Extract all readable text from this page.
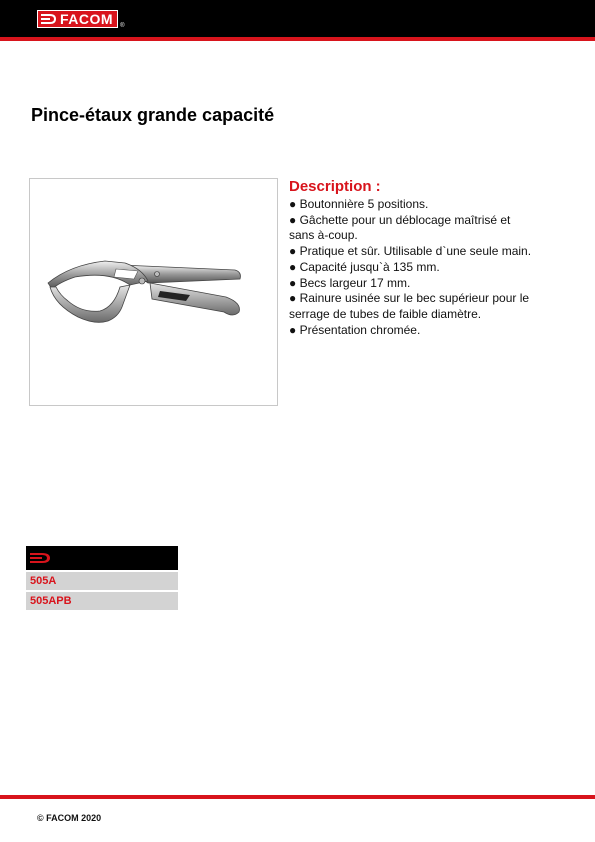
FACOM ®
Pince-étaux grande capacité
Description :
● Boutonnière 5 positions.
● Gâchette pour un déblocage maîtrisé et sans à-coup.
● Pratique et sûr. Utilisable d`une seule main.
● Capacité jusqu`à 135 mm.
● Becs largeur 17 mm.
● Rainure usinée sur le bec supérieur pour le serrage de tubes de faible diamètre.
● Présentation chromée.
505A
505APB
© FACOM 2020
